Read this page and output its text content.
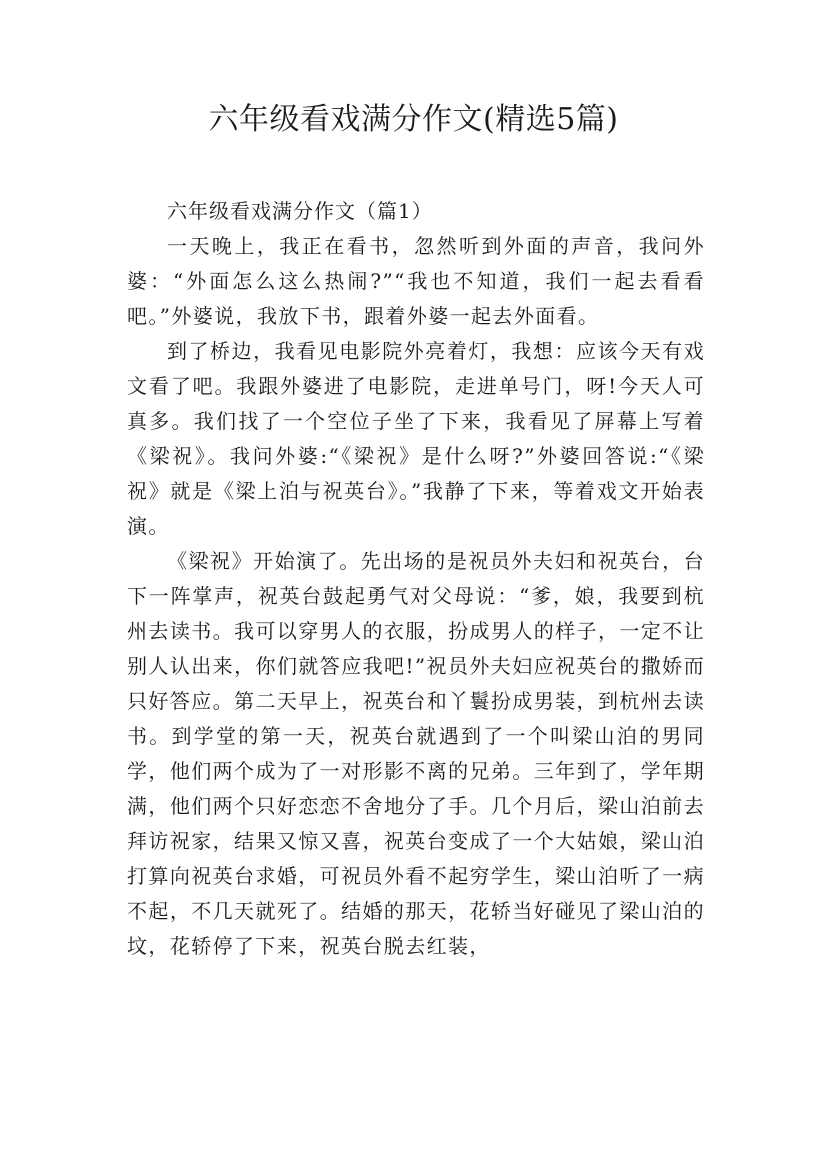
六年级看戏满分作文(精选5篇)

六年级看戏满分作文（篇1）

一天晚上，我正在看书，忽然听到外面的声音，我问外婆：“外面怎么这么热闹?”“我也不知道，我们一起去看看吧。”外婆说，我放下书，跟着外婆一起去外面看。

到了桥边，我看见电影院外亮着灯，我想：应该今天有戏文看了吧。我跟外婆进了电影院，走进单号门，呀!今天人可真多。我们找了一个空位子坐了下来，我看见了屏幕上写着《梁祝》。我问外婆:“《梁祝》是什么呀?”外婆回答说:“《梁祝》就是《梁上泊与祝英台》。”我静了下来，等着戏文开始表演。

《梁祝》开始演了。先出场的是祝员外夫妇和祝英台，台下一阵掌声，祝英台鼓起勇气对父母说：“爹，娘，我要到杭州去读书。我可以穿男人的衣服，扮成男人的样子，一定不让别人认出来，你们就答应我吧!”祝员外夫妇应祝英台的撒娇而只好答应。第二天早上，祝英台和丫鬟扮成男装，到杭州去读书。到学堂的第一天，祝英台就遇到了一个叫梁山泊的男同学，他们两个成为了一对形影不离的兄弟。三年到了，学年期满，他们两个只好恋恋不舍地分了手。几个月后，梁山泊前去拜访祝家，结果又惊又喜，祝英台变成了一个大姑娘，梁山泊打算向祝英台求婚，可祝员外看不起穷学生，梁山泊听了一病不起，不几天就死了。结婚的那天，花轿当好碰见了梁山泊的坟，花轿停了下来，祝英台脱去红装，
